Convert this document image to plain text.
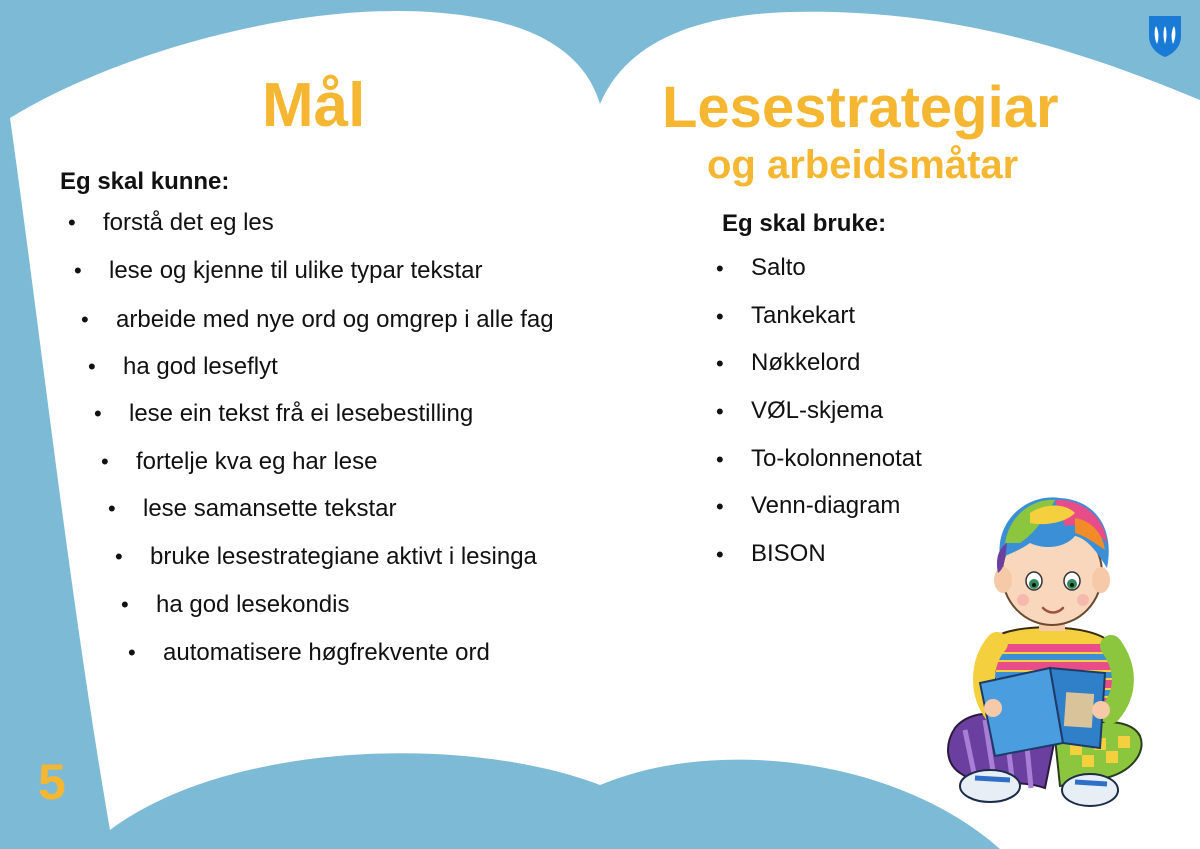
Mål
Eg skal kunne:
• forstå det eg les
• lese og kjenne til ulike typar tekstar
• arbeide med nye ord og omgrep i alle fag
• ha god leseflyt
• lese ein tekst frå ei lesebestilling
• fortelje kva eg har lese
• lese samansette tekstar
• bruke lesestrategiane aktivt i lesinga
• ha god lesekondis
• automatisere høgfrekvente ord
Lesestrategiar
og arbeidsmåtar
Eg skal bruke:
• Salto
• Tankekart
• Nøkkelord
• VØL-skjema
• To-kolonnenotat
• Venn-diagram
• BISON
5
